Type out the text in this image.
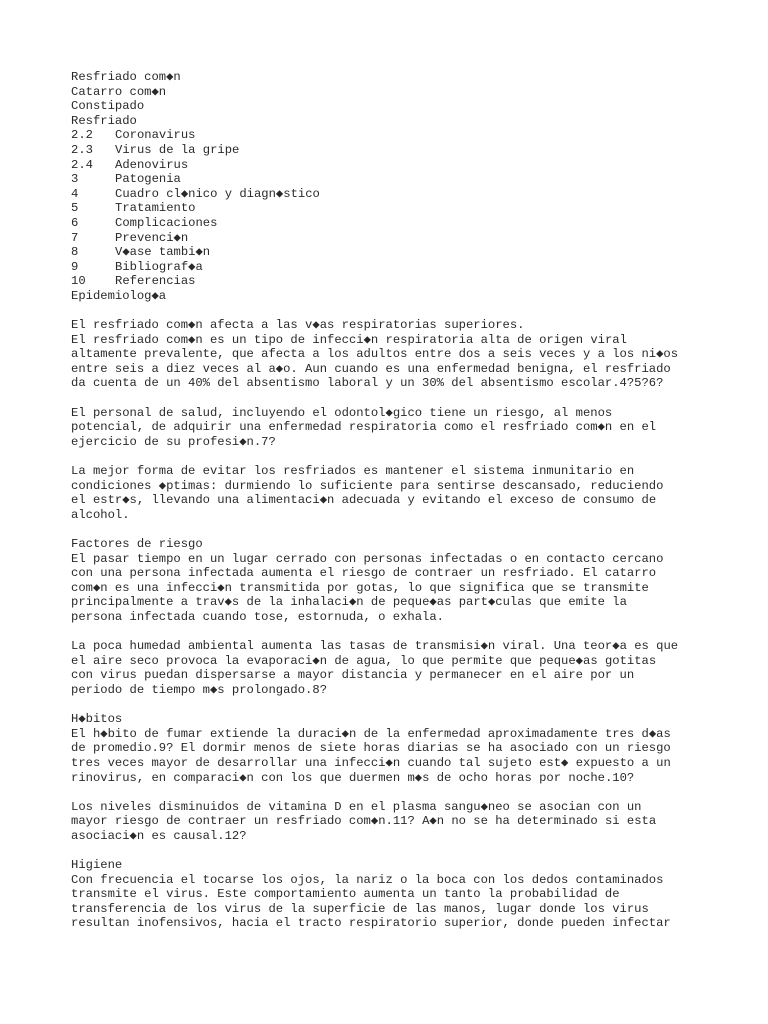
Resfriado com◆n
Catarro com◆n
Constipado
Resfriado
2.2 Coronavirus
2.3 Virus de la gripe
2.4 Adenovirus
3	Patogenia
4	Cuadro cl◆nico y diagn◆stico
5	Tratamiento
6	Complicaciones
7	Prevenci◆n
8	V◆ase tambi◆n
9	Bibliograf◆a
10 Referencias
Epidemiolog◆a
El resfriado com◆n afecta a las v◆as respiratorias superiores.
El resfriado com◆n es un tipo de infecci◆n respiratoria alta de origen viral
altamente prevalente, que afecta a los adultos entre dos a seis veces y a los ni◆os
entre seis a diez veces al a◆o. Aun cuando es una enfermedad benigna, el resfriado
da cuenta de un 40% del absentismo laboral y un 30% del absentismo escolar.4?5?6?
El personal de salud, incluyendo el odontol◆gico tiene un riesgo, al menos
potencial, de adquirir una enfermedad respiratoria como el resfriado com◆n en el
ejercicio de su profesi◆n.7?
La mejor forma de evitar los resfriados es mantener el sistema inmunitario en
condiciones ◆ptimas: durmiendo lo suficiente para sentirse descansado, reduciendo
el estr◆s, llevando una alimentaci◆n adecuada y evitando el exceso de consumo de
alcohol.
Factores de riesgo
El pasar tiempo en un lugar cerrado con personas infectadas o en contacto cercano
con una persona infectada aumenta el riesgo de contraer un resfriado. El catarro
com◆n es una infecci◆n transmitida por gotas, lo que significa que se transmite
principalmente a trav◆s de la inhalaci◆n de peque◆as part◆culas que emite la
persona infectada cuando tose, estornuda, o exhala.
La poca humedad ambiental aumenta las tasas de transmisi◆n viral. Una teor◆a es que
el aire seco provoca la evaporaci◆n de agua, lo que permite que peque◆as gotitas
con virus puedan dispersarse a mayor distancia y permanecer en el aire por un
periodo de tiempo m◆s prolongado.8?
H◆bitos
El h◆bito de fumar extiende la duraci◆n de la enfermedad aproximadamente tres d◆as
de promedio.9? El dormir menos de siete horas diarias se ha asociado con un riesgo
tres veces mayor de desarrollar una infecci◆n cuando tal sujeto est◆ expuesto a un
rinovirus, en comparaci◆n con los que duermen m◆s de ocho horas por noche.10?
Los niveles disminuidos de vitamina D en el plasma sangu◆neo se asocian con un
mayor riesgo de contraer un resfriado com◆n.11? A◆n no se ha determinado si esta
asociaci◆n es causal.12?
Higiene
Con frecuencia el tocarse los ojos, la nariz o la boca con los dedos contaminados
transmite el virus. Este comportamiento aumenta un tanto la probabilidad de
transferencia de los virus de la superficie de las manos, lugar donde los virus
resultan inofensivos, hacia el tracto respiratorio superior, donde pueden infectar
